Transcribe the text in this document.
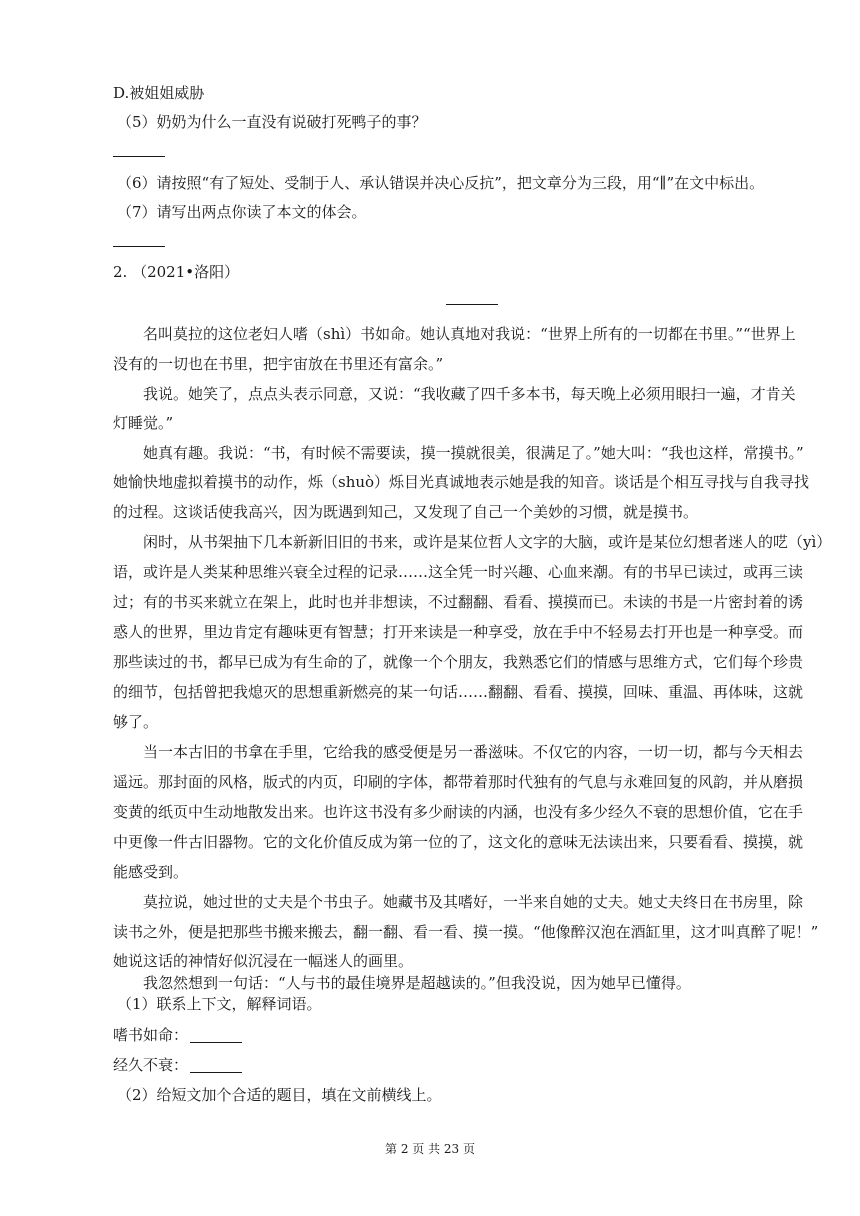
D.被姐姐威胁
（5）奶奶为什么一直没有说破打死鸭子的事？
（6）请按照“有了短处、受制于人、承认错误并决心反抗”，把文章分为三段，用“∥”在文中标出。
（7）请写出两点你读了本文的体会。
2. （2021•洛阳）
名叫莫拉的这位老妇人嗜（shì）书如命。她认真地对我说：“世界上所有的一切都在书里。”“世界上
没有的一切也在书里，把宇宙放在书里还有富余。”
我说。她笑了，点点头表示同意，又说：“我收藏了四千多本书，每天晚上必须用眼扫一遍，才肯关
灯睡觉。”
她真有趣。我说：“书，有时候不需要读，摸一摸就很美，很满足了。”她大叫：“我也这样，常摸书。”
她愉快地虚拟着摸书的动作，烁（shuò）烁目光真诚地表示她是我的知音。谈话是个相互寻找与自我寻找
的过程。这谈话使我高兴，因为既遇到知己，又发现了自己一个美妙的习惯，就是摸书。
闲时，从书架抽下几本新新旧旧的书来，或许是某位哲人文字的大脑，或许是某位幻想者迷人的呓（yì）
语，或许是人类某种思维兴衰全过程的记录……这全凭一时兴趣、心血来潮。有的书早已读过，或再三读
过；有的书买来就立在架上，此时也并非想读，不过翻翻、看看、摸摸而已。未读的书是一片密封着的诱
惑人的世界，里边肯定有趣味更有智慧；打开来读是一种享受，放在手中不轻易去打开也是一种享受。而
那些读过的书，都早已成为有生命的了，就像一个个朋友，我熟悉它们的情感与思维方式，它们每个珍贵
的细节，包括曾把我熄灭的思想重新燃亮的某一句话……翻翻、看看、摸摸，回味、重温、再体味，这就
够了。
当一本古旧的书拿在手里，它给我的感受便是另一番滋味。不仅它的内容，一切一切，都与今天相去
遥远。那封面的风格，版式的内页，印刷的字体，都带着那时代独有的气息与永难回复的风韵，并从磨损
变黄的纸页中生动地散发出来。也许这书没有多少耐读的内涵，也没有多少经久不衰的思想价值，它在手
中更像一件古旧器物。它的文化价值反成为第一位的了，这文化的意味无法读出来，只要看看、摸摸，就
能感受到。
莫拉说，她过世的丈夫是个书虫子。她藏书及其嗜好，一半来自她的丈夫。她丈夫终日在书房里，除
读书之外，便是把那些书搬来搬去，翻一翻、看一看、摸一摸。“他像醉汉泡在酒缸里，这才叫真醉了呢！”
她说这话的神情好似沉浸在一幅迷人的画里。
我忽然想到一句话：“人与书的最佳境界是超越读的。”但我没说，因为她早已懂得。
（1）联系上下文，解释词语。
嗜书如命：
经久不衰：
（2）给短文加个合适的题目，填在文前横线上。
第 2 页 共 23 页
